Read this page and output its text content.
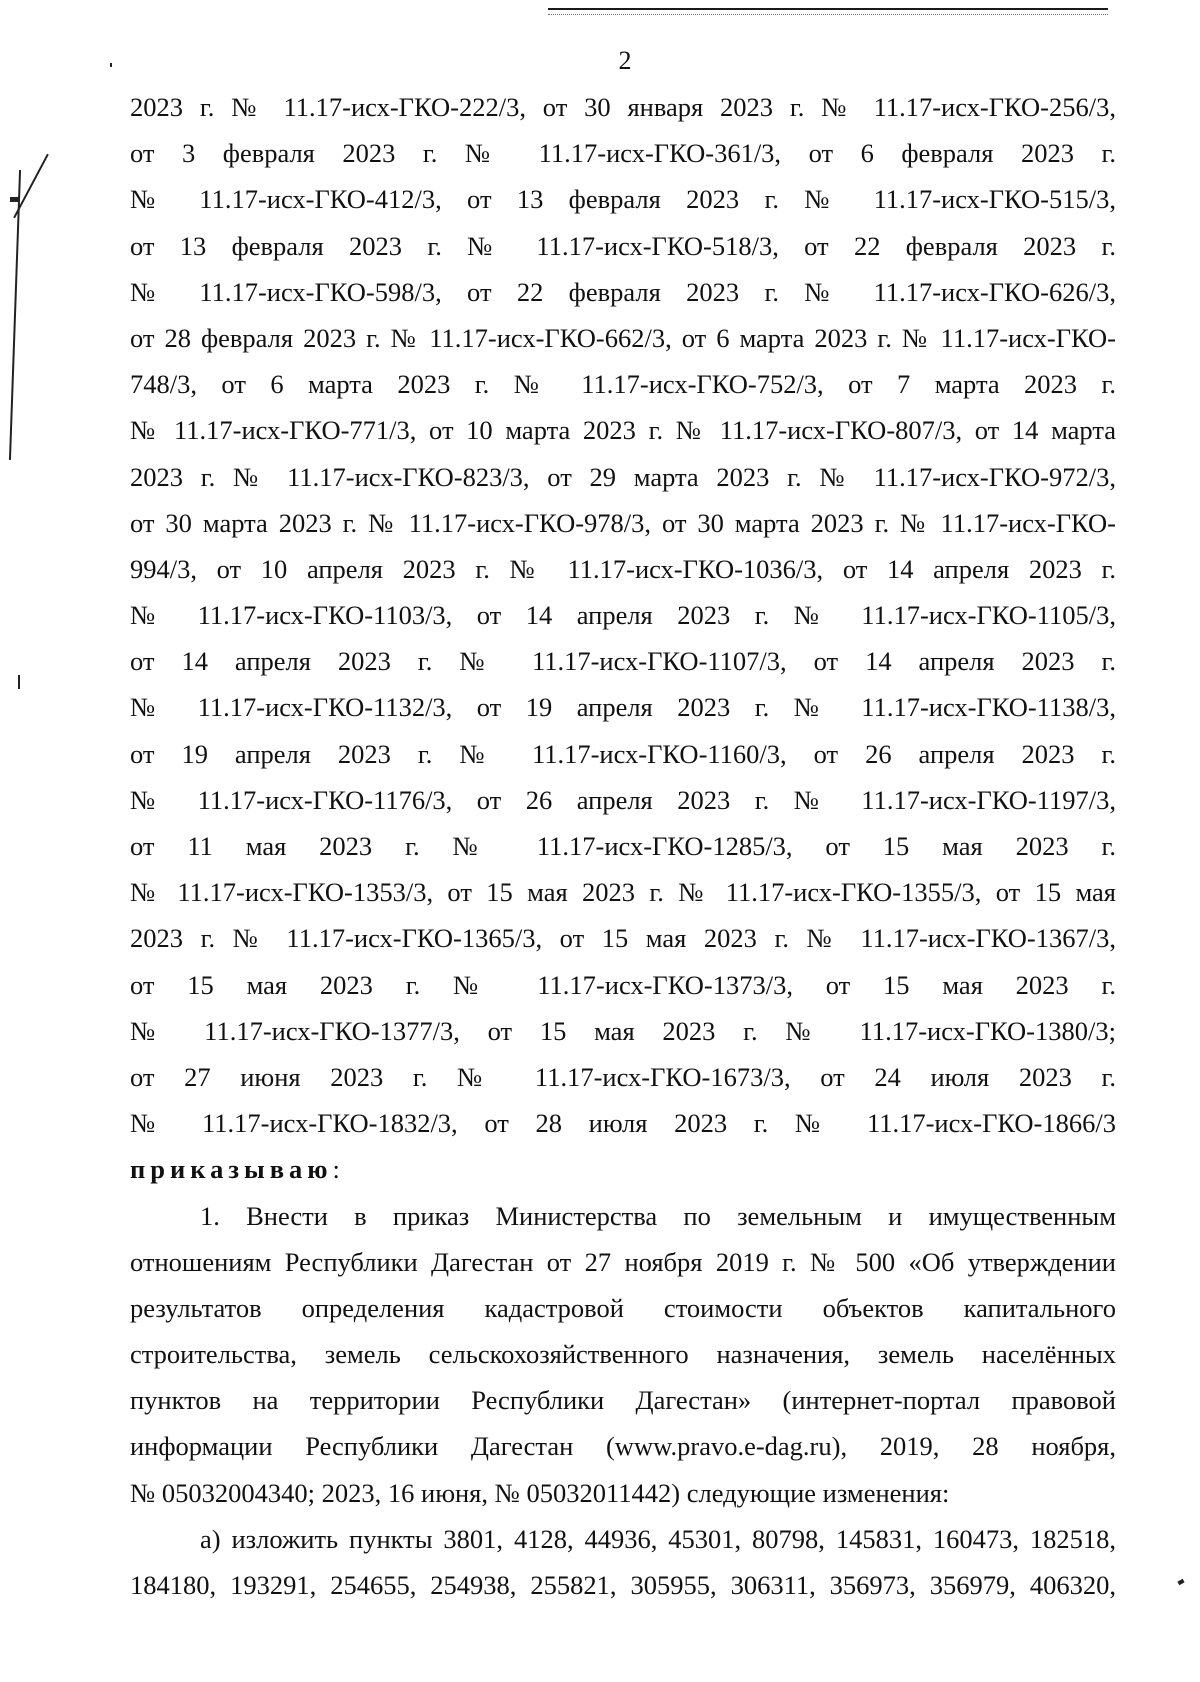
2
2023 г. № 11.17-исх-ГКО-222/3, от 30 января 2023 г. № 11.17-исх-ГКО-256/3,
от 3 февраля 2023 г. № 11.17-исх-ГКО-361/3, от 6 февраля 2023 г.
№ 11.17-исх-ГКО-412/3, от 13 февраля 2023 г. № 11.17-исх-ГКО-515/3,
от 13 февраля 2023 г. № 11.17-исх-ГКО-518/3, от 22 февраля 2023 г.
№ 11.17-исх-ГКО-598/3, от 22 февраля 2023 г. № 11.17-исх-ГКО-626/3,
от 28 февраля 2023 г. № 11.17-исх-ГКО-662/3, от 6 марта 2023 г. № 11.17-исх-ГКО-
748/3, от 6 марта 2023 г. № 11.17-исх-ГКО-752/3, от 7 марта 2023 г.
№ 11.17-исх-ГКО-771/3, от 10 марта 2023 г. № 11.17-исх-ГКО-807/3, от 14 марта
2023 г. № 11.17-исх-ГКО-823/3, от 29 марта 2023 г. № 11.17-исх-ГКО-972/3,
от 30 марта 2023 г. № 11.17-исх-ГКО-978/3, от 30 марта 2023 г. № 11.17-исх-ГКО-
994/3, от 10 апреля 2023 г. № 11.17-исх-ГКО-1036/3, от 14 апреля 2023 г.
№ 11.17-исх-ГКО-1103/3, от 14 апреля 2023 г. № 11.17-исх-ГКО-1105/3,
от 14 апреля 2023 г. № 11.17-исх-ГКО-1107/3, от 14 апреля 2023 г.
№ 11.17-исх-ГКО-1132/3, от 19 апреля 2023 г. № 11.17-исх-ГКО-1138/3,
от 19 апреля 2023 г. № 11.17-исх-ГКО-1160/3, от 26 апреля 2023 г.
№ 11.17-исх-ГКО-1176/3, от 26 апреля 2023 г. № 11.17-исх-ГКО-1197/3,
от 11 мая 2023 г. № 11.17-исх-ГКО-1285/3, от 15 мая 2023 г.
№ 11.17-исх-ГКО-1353/3, от 15 мая 2023 г. № 11.17-исх-ГКО-1355/3, от 15 мая
2023 г. № 11.17-исх-ГКО-1365/3, от 15 мая 2023 г. № 11.17-исх-ГКО-1367/3,
от 15 мая 2023 г. № 11.17-исх-ГКО-1373/3, от 15 мая 2023 г.
№ 11.17-исх-ГКО-1377/3, от 15 мая 2023 г. № 11.17-исх-ГКО-1380/3;
от 27 июня 2023 г. № 11.17-исх-ГКО-1673/3, от 24 июля 2023 г.
№ 11.17-исх-ГКО-1832/3, от 28 июля 2023 г. № 11.17-исх-ГКО-1866/3
приказываю:
1. Внести в приказ Министерства по земельным и имущественным
отношениям Республики Дагестан от 27 ноября 2019 г. № 500 «Об утверждении
результатов определения кадастровой стоимости объектов капитального
строительства, земель сельскохозяйственного назначения, земель населённых
пунктов на территории Республики Дагестан» (интернет-портал правовой
информации Республики Дагестан (www.pravo.e-dag.ru), 2019, 28 ноября,
№ 05032004340; 2023, 16 июня, № 05032011442) следующие изменения:
а) изложить пункты 3801, 4128, 44936, 45301, 80798, 145831, 160473, 182518,
184180, 193291, 254655, 254938, 255821, 305955, 306311, 356973, 356979, 406320,
